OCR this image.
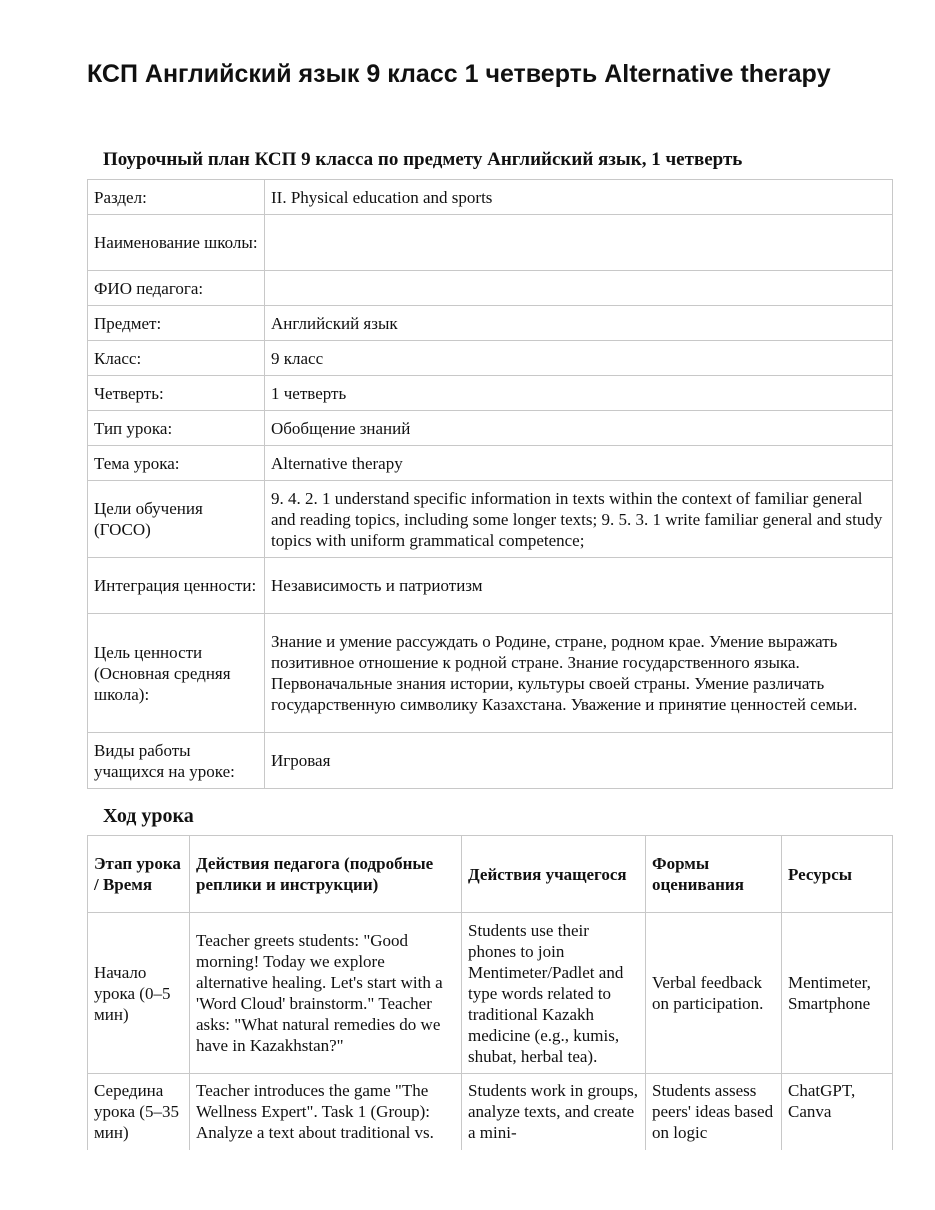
КСП Английский язык 9 класс 1 четверть Alternative therapy
Поурочный план КСП 9 класса по предмету Английский язык, 1 четверть
Раздел:	II. Physical education and sports
Наименование школы:	
ФИО педагога:	
Предмет:	Английский язык
Класс:	9 класс
Четверть:	1 четверть
Тип урока:	Обобщение знаний
Тема урока:	Alternative therapy
Цели обучения (ГОСО)	9. 4. 2. 1 understand specific information in texts within the context of familiar general and reading topics, including some longer texts; 9. 5. 3. 1 write familiar general and study topics with uniform grammatical competence;
Интеграция ценности:	Независимость и патриотизм
Цель ценности (Основная средняя школа):	Знание и умение рассуждать о Родине, стране, родном крае. Умение выражать позитивное отношение к родной стране. Знание государственного языка. Первоначальные знания истории, культуры своей страны. Умение различать государственную символику Казахстана. Уважение и принятие ценностей семьи.
Виды работы учащихся на уроке:	Игровая
Ход урока
Этап урока / Время	Действия педагога (подробные реплики и инструкции)	Действия учащегося	Формы оценивания	Ресурсы
Начало урока (0–5 мин)	Teacher greets students: "Good morning! Today we explore alternative healing. Let's start with a 'Word Cloud' brainstorm." Teacher asks: "What natural remedies do we have in Kazakhstan?"	Students use their phones to join Mentimeter/Padlet and type words related to traditional Kazakh medicine (e.g., kumis, shubat, herbal tea).	Verbal feedback on participation.	Mentimeter, Smartphone
Середина урока (5–35 мин)	Teacher introduces the game "The Wellness Expert". Task 1 (Group): Analyze a text about traditional vs.	Students work in groups, analyze texts, and create a mini-	Students assess peers' ideas based on logic	ChatGPT, Canva
